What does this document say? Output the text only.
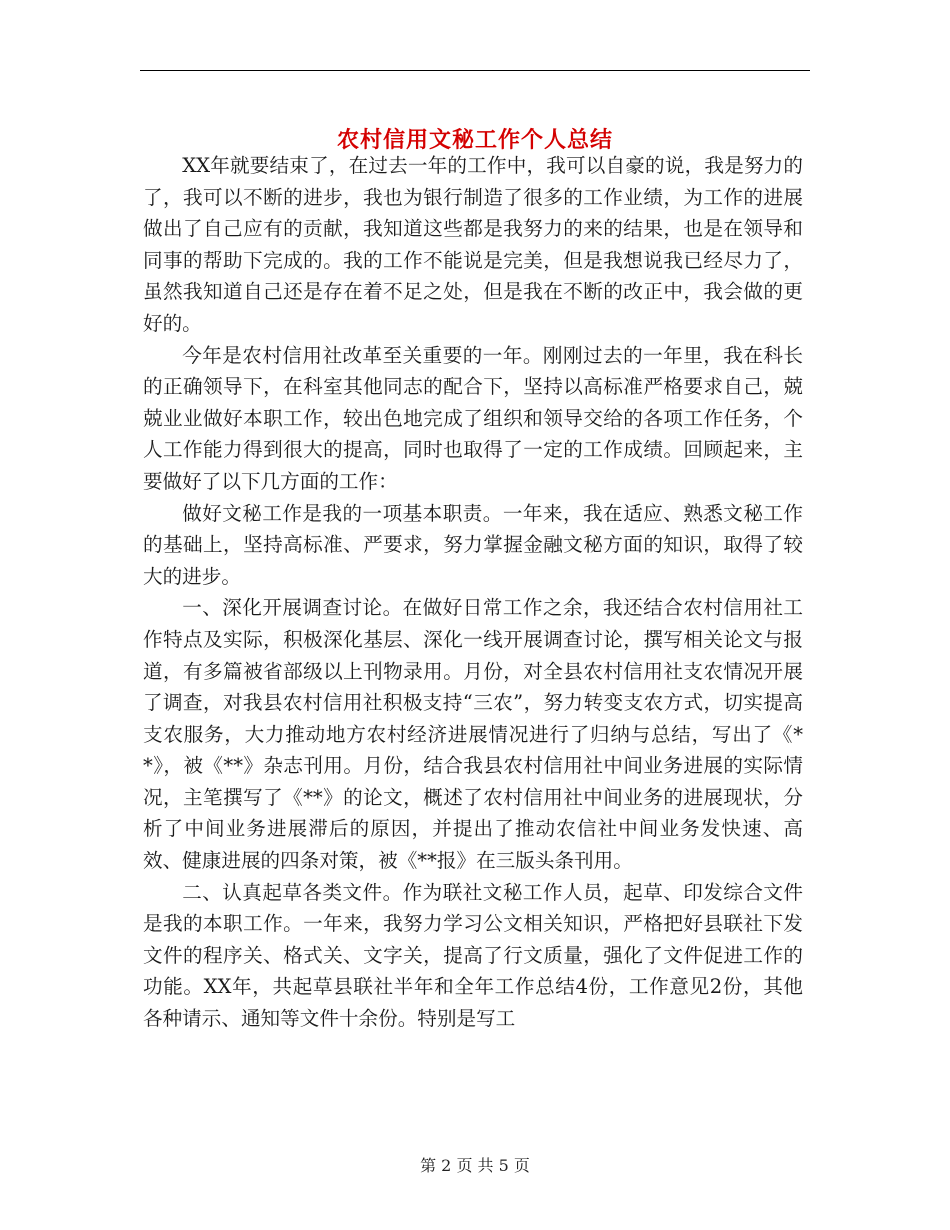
农村信用文秘工作个人总结

XX年就要结束了，在过去一年的工作中，我可以自豪的说，我是努力的了，我可以不断的进步，我也为银行制造了很多的工作业绩，为工作的进展做出了自己应有的贡献，我知道这些都是我努力的来的结果，也是在领导和同事的帮助下完成的。我的工作不能说是完美，但是我想说我已经尽力了，虽然我知道自己还是存在着不足之处，但是我在不断的改正中，我会做的更好的。

今年是农村信用社改革至关重要的一年。刚刚过去的一年里，我在科长的正确领导下，在科室其他同志的配合下，坚持以高标准严格要求自己，兢兢业业做好本职工作，较出色地完成了组织和领导交给的各项工作任务，个人工作能力得到很大的提高，同时也取得了一定的工作成绩。回顾起来，主要做好了以下几方面的工作：

做好文秘工作是我的一项基本职责。一年来，我在适应、熟悉文秘工作的基础上，坚持高标准、严要求，努力掌握金融文秘方面的知识，取得了较大的进步。

一、深化开展调查讨论。在做好日常工作之余，我还结合农村信用社工作特点及实际，积极深化基层、深化一线开展调查讨论，撰写相关论文与报道，有多篇被省部级以上刊物录用。月份，对全县农村信用社支农情况开展了调查，对我县农村信用社积极支持“三农”，努力转变支农方式，切实提高支农服务，大力推动地方农村经济进展情况进行了归纳与总结，写出了《**》，被《**》杂志刊用。月份，结合我县农村信用社中间业务进展的实际情况，主笔撰写了《**》的论文，概述了农村信用社中间业务的进展现状，分析了中间业务进展滞后的原因，并提出了推动农信社中间业务发快速、高效、健康进展的四条对策，被《**报》在三版头条刊用。

二、认真起草各类文件。作为联社文秘工作人员，起草、印发综合文件是我的本职工作。一年来，我努力学习公文相关知识，严格把好县联社下发文件的程序关、格式关、文字关，提高了行文质量，强化了文件促进工作的功能。XX年，共起草县联社半年和全年工作总结4份，工作意见2份，其他各种请示、通知等文件十余份。特别是写工

第 2 页 共 5 页
